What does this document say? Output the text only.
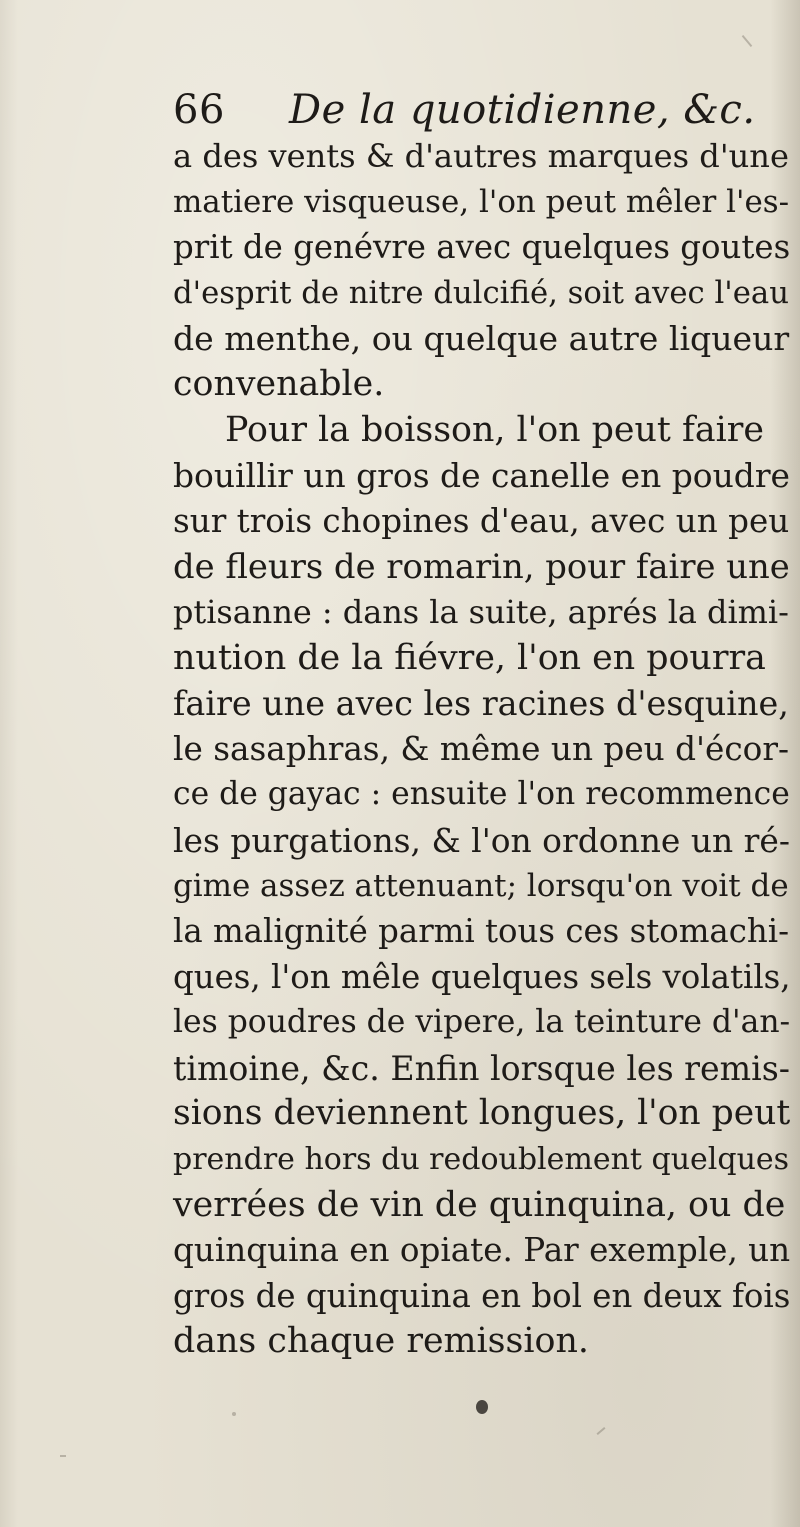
66	De la quotidienne, &c.
a des vents & d'autres marques d'une
matiere visqueuse, l'on peut mêler l'es-
prit de genévre avec quelques goutes
d'esprit de nitre dulcifié, soit avec l'eau
de menthe, ou quelque autre liqueur
convenable.
Pour la boisson, l'on peut faire
bouillir un gros de canelle en poudre
sur trois chopines d'eau, avec un peu
de fleurs de romarin, pour faire une
ptisanne : dans la suite, aprés la dimi-
nution de la fiévre, l'on en pourra
faire une avec les racines d'esquine,
le sasaphras, & même un peu d'écor-
ce de gayac : ensuite l'on recommence
les purgations, & l'on ordonne un ré-
gime assez attenuant; lorsqu'on voit de
la malignité parmi tous ces stomachi-
ques, l'on mêle quelques sels volatils,
les poudres de vipere, la teinture d'an-
timoine, &c. Enfin lorsque les remis-
sions deviennent longues, l'on peut
prendre hors du redoublement quelques
verrées de vin de quinquina, ou de
quinquina en opiate. Par exemple, un
gros de quinquina en bol en deux fois
dans chaque remission.
